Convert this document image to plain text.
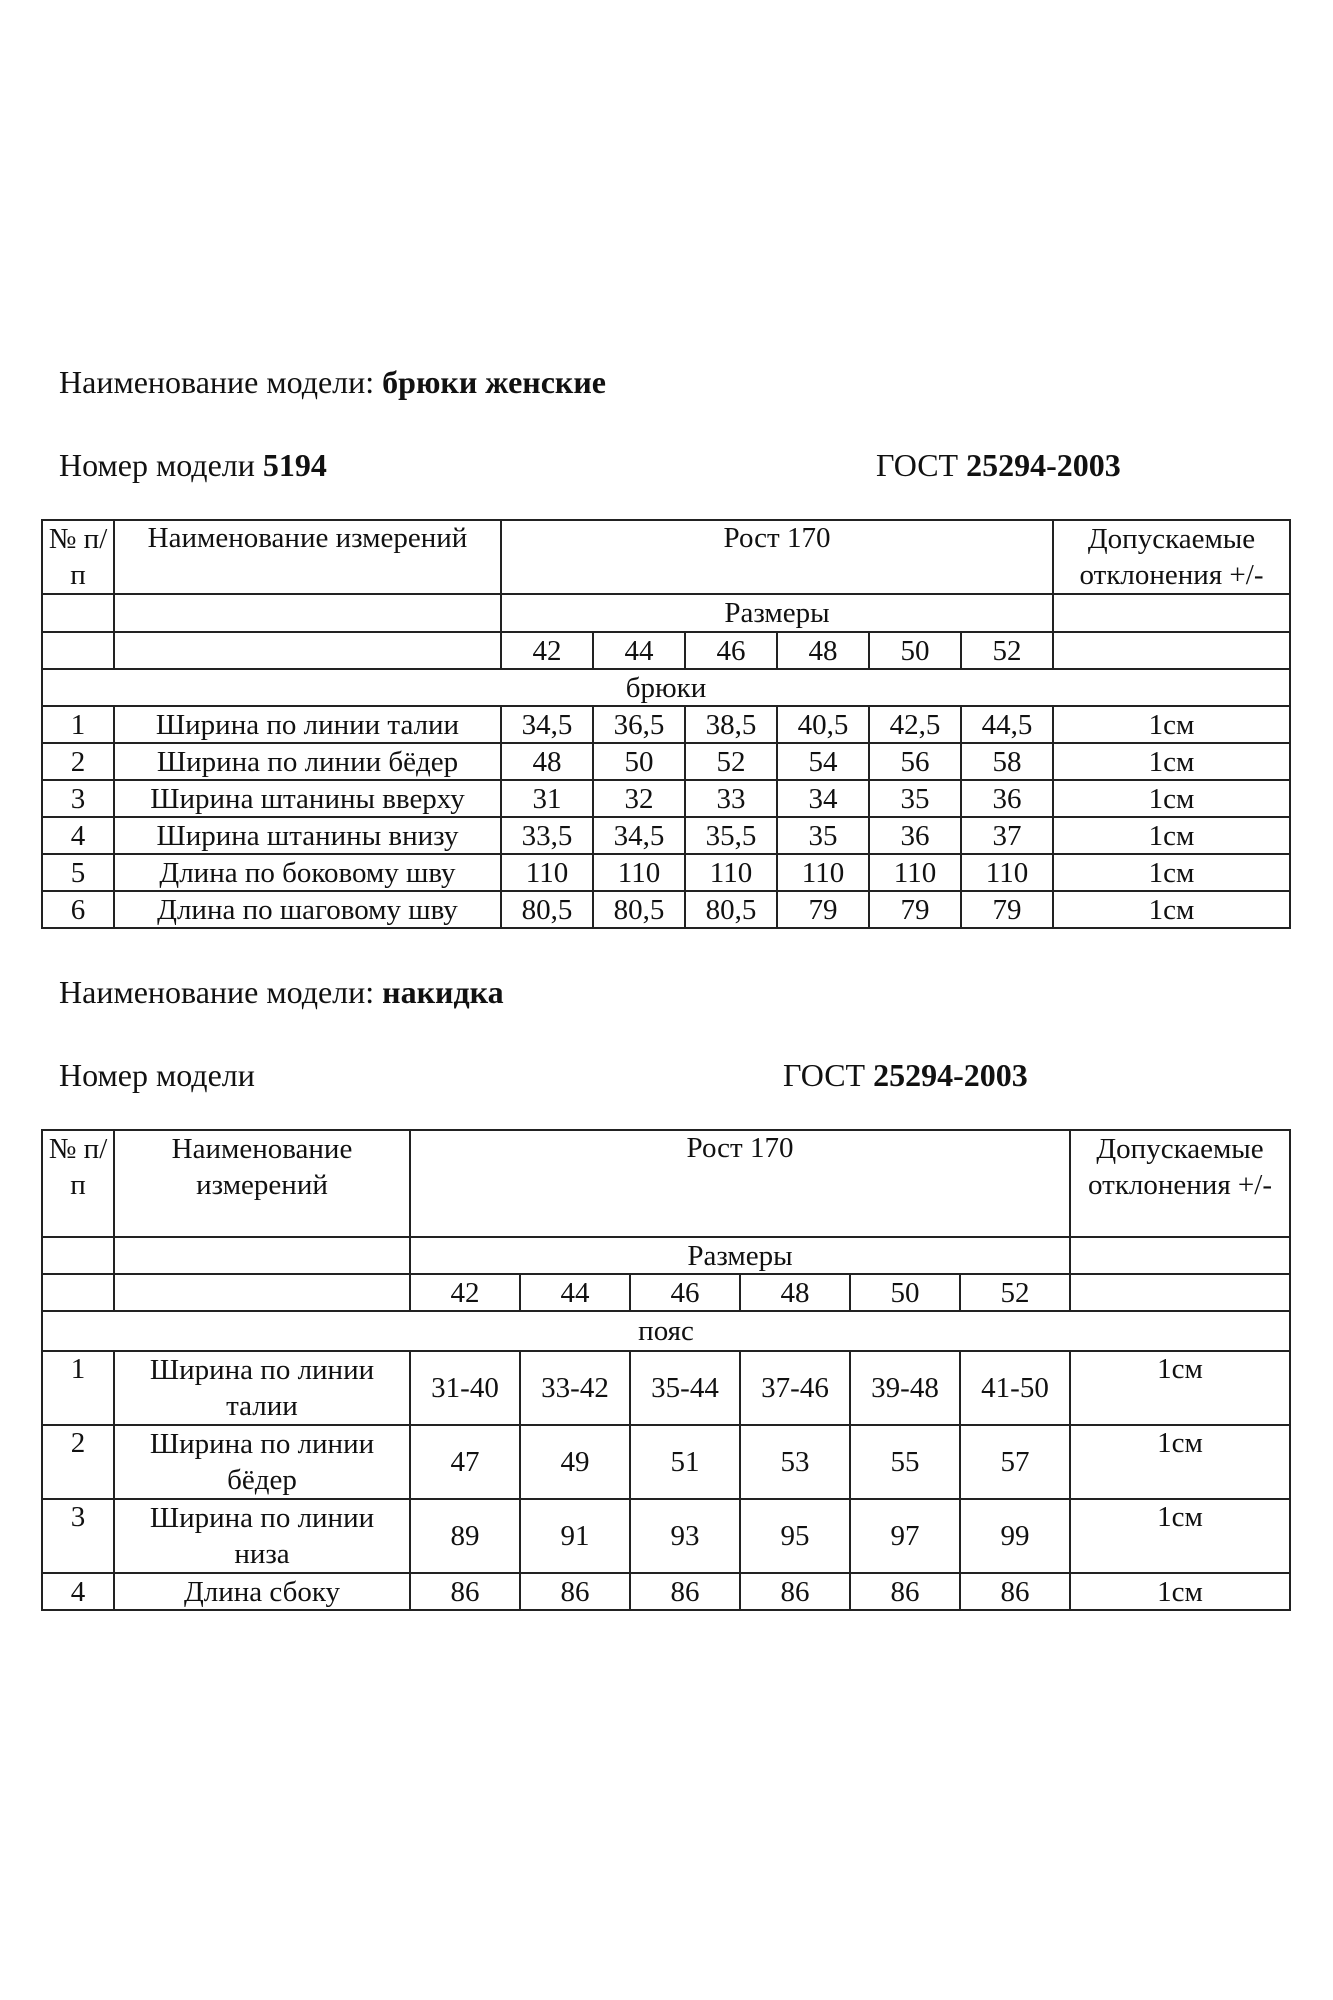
Наименование модели: брюки женские
Номер модели 5194	ГОСТ 25294-2003
№ п/п	Наименование измерений	Рост 170						Допускаемые отклонения +/-
		Размеры						
		42	44	46	48	50	52	
брюки								
1	Ширина по линии талии	34,5	36,5	38,5	40,5	42,5	44,5	1см
2	Ширина по линии бёдер	48	50	52	54	56	58	1см
3	Ширина штанины вверху	31	32	33	34	35	36	1см
4	Ширина штанины внизу	33,5	34,5	35,5	35	36	37	1см
5	Длина по боковому шву	110	110	110	110	110	110	1см
6	Длина по шаговому шву	80,5	80,5	80,5	79	79	79	1см
Наименование модели: накидка
Номер модели	ГОСТ 25294-2003
№ п/п	Наименование измерений	Рост 170						Допускаемые отклонения +/-
		Размеры						
		42	44	46	48	50	52	
пояс								
1	Ширина по линии талии	31-40	33-42	35-44	37-46	39-48	41-50	1см
2	Ширина по линии бёдер	47	49	51	53	55	57	1см
3	Ширина по линии низа	89	91	93	95	97	99	1см
4	Длина сбоку	86	86	86	86	86	86	1см
